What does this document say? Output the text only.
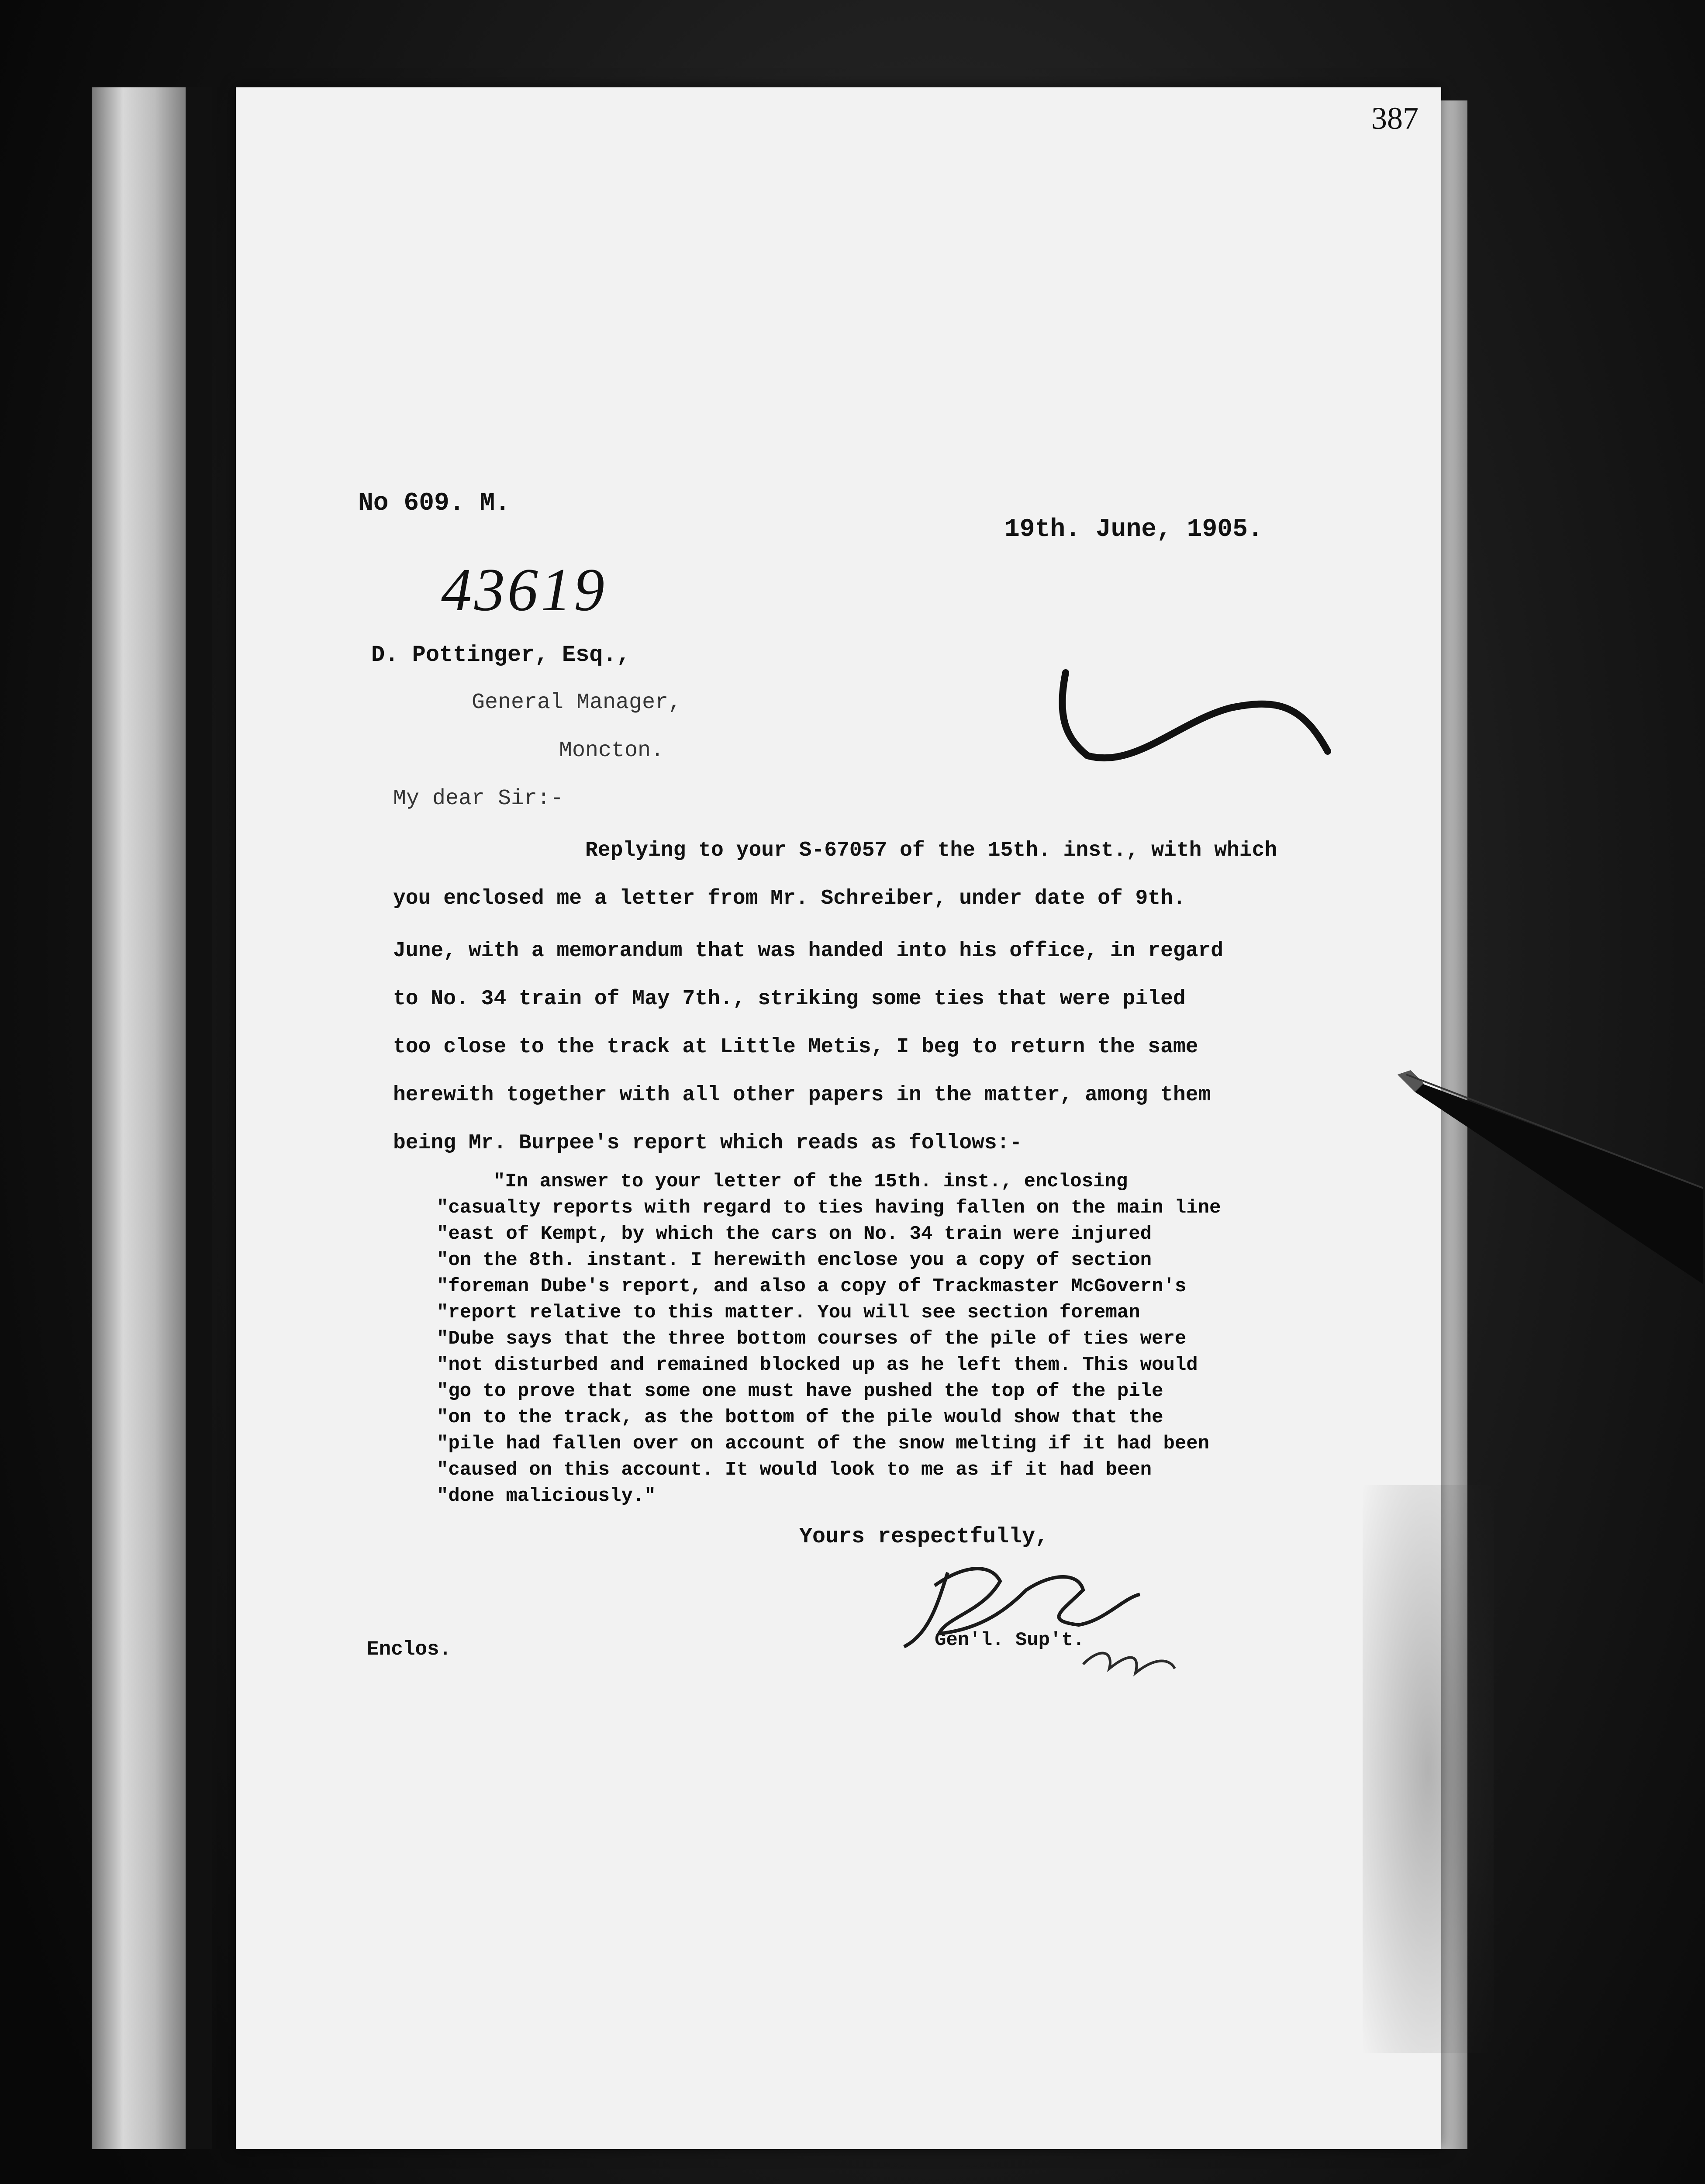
387
No 609. M.
19th. June, 1905.
43619
D. Pottinger, Esq.,
General Manager,
Moncton.
My dear Sir:-
Replying to your S-67057 of the 15th. inst., with which
you enclosed me a letter from Mr. Schreiber, under date of 9th.
June, with a memorandum that was handed into his office, in regard
to No. 34 train of May 7th., striking some ties that were piled
too close to the track at Little Metis, I beg to return the same
herewith together with all other papers in the matter, among them
being Mr. Burpee's report which reads as follows:-
"In answer to your letter of the 15th. inst., enclosing
"casualty reports with regard to ties having fallen on the main line
"east of Kempt, by which the cars on No. 34 train were injured
"on the 8th. instant. I herewith enclose you a copy of section
"foreman Dube's report, and also a copy of Trackmaster McGovern's
"report relative to this matter. You will see section foreman
"Dube says that the three bottom courses of the pile of ties were
"not disturbed and remained blocked up as he left them. This would
"go to prove that some one must have pushed the top of the pile
"on to the track, as the bottom of the pile would show that the
"pile had fallen over on account of the snow melting if it had been
"caused on this account. It would look to me as if it had been
"done maliciously."
Yours respectfully,
Gen'l. Sup't.
Enclos.
